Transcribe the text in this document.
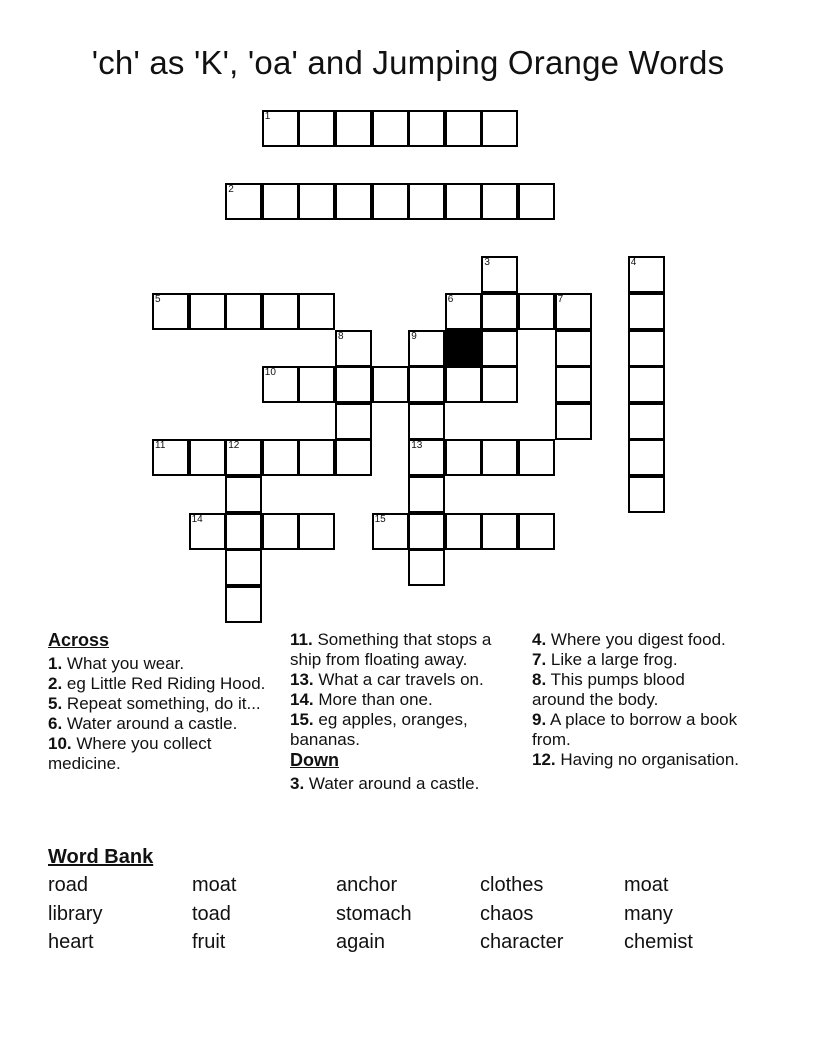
'ch' as 'K', 'oa' and Jumping Orange Words
1
2
3	4
5	6	7
8	9
10
11	12	13
14	15
Across
1. What you wear.
2. eg Little Red Riding Hood.
5. Repeat something, do it...
6. Water around a castle.
10. Where you collect medicine.
11. Something that stops a ship from floating away.
13. What a car travels on.
14. More than one.
15. eg apples, oranges, bananas.
Down
3. Water around a castle.
4. Where you digest food.
7. Like a large frog.
8. This pumps blood around the body.
9. A place to borrow a book from.
12. Having no organisation.
Word Bank
road	moat	anchor	clothes	moat
library	toad	stomach	chaos	many
heart	fruit	again	character	chemist
